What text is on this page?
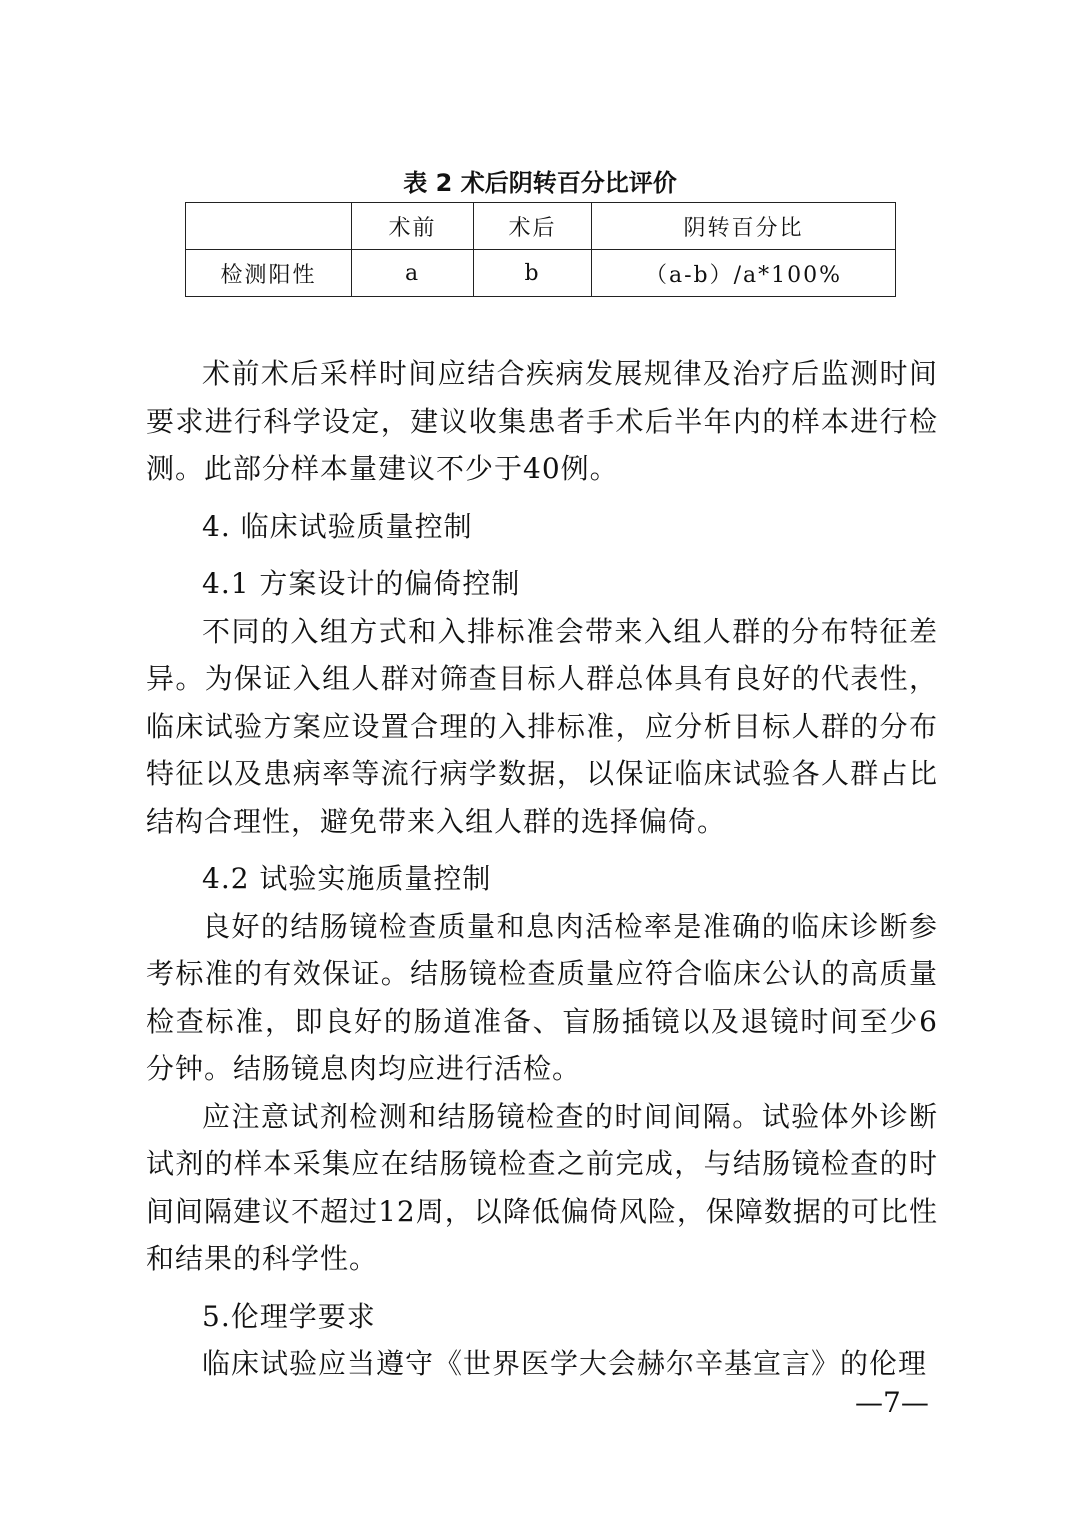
表 2 术后阴转百分比评价
	术前	术后	阴转百分比
检测阳性	a	b	（a-b）/a*100%

术前术后采样时间应结合疾病发展规律及治疗后监测时间要求进行科学设定，建议收集患者手术后半年内的样本进行检测。此部分样本量建议不少于40例。

4. 临床试验质量控制

4.1 方案设计的偏倚控制

不同的入组方式和入排标准会带来入组人群的分布特征差异。为保证入组人群对筛查目标人群总体具有良好的代表性，临床试验方案应设置合理的入排标准，应分析目标人群的分布特征以及患病率等流行病学数据，以保证临床试验各人群占比结构合理性，避免带来入组人群的选择偏倚。

4.2 试验实施质量控制

良好的结肠镜检查质量和息肉活检率是准确的临床诊断参考标准的有效保证。结肠镜检查质量应符合临床公认的高质量检查标准，即良好的肠道准备、盲肠插镜以及退镜时间至少6分钟。结肠镜息肉均应进行活检。

应注意试剂检测和结肠镜检查的时间间隔。试验体外诊断试剂的样本采集应在结肠镜检查之前完成，与结肠镜检查的时间间隔建议不超过12周，以降低偏倚风险，保障数据的可比性和结果的科学性。

5.伦理学要求

临床试验应当遵守《世界医学大会赫尔辛基宣言》的伦理

—7—
